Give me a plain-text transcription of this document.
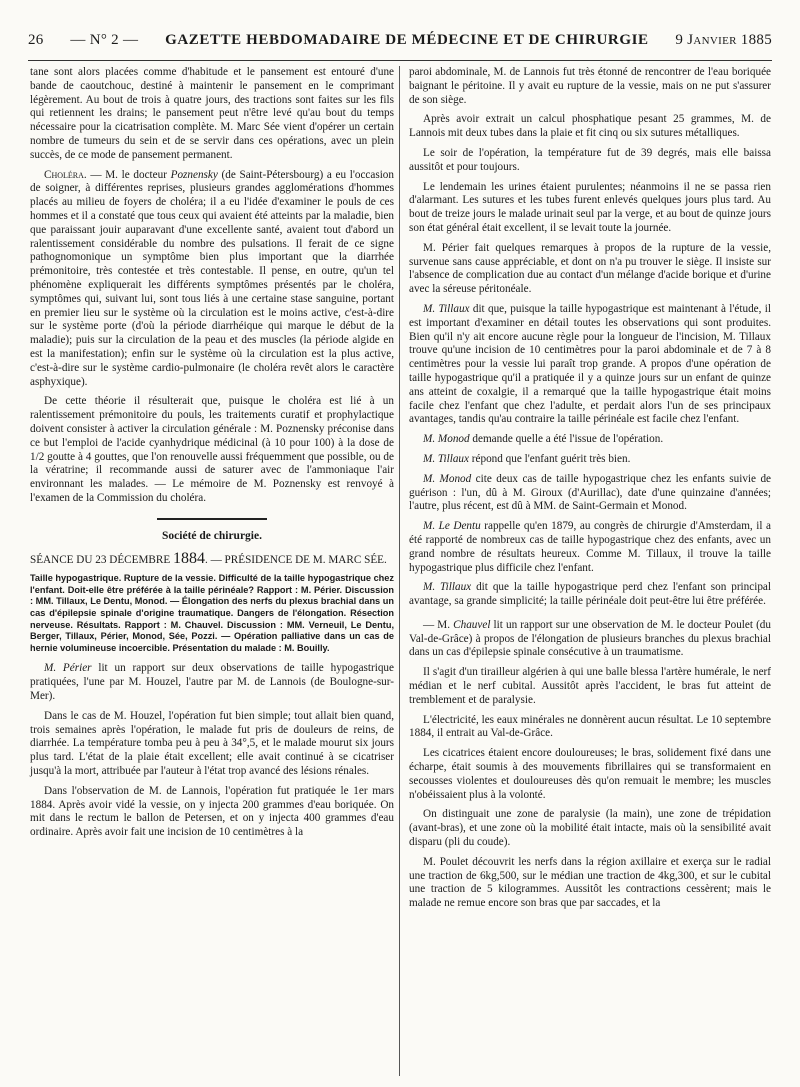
26 — N° 2 — GAZETTE HEBDOMADAIRE DE MÉDECINE ET DE CHIRURGIE 9 Janvier 1885

tane sont alors placées comme d'habitude et le pansement est entouré d'une bande de caoutchouc, destiné à maintenir le pansement en le comprimant légèrement. Au bout de trois à quatre jours, des tractions sont faites sur les fils qui retiennent les drains; le pansement peut n'être levé qu'au bout du temps nécessaire pour la cicatrisation complète. M. Marc Sée vient d'opérer un certain nombre de tumeurs du sein et de se servir dans ces opérations, avec un plein succès, de ce mode de pansement permanent.

Choléra. — M. le docteur Poznensky (de Saint-Pétersbourg) a eu l'occasion de soigner, à différentes reprises, plusieurs grandes agglomérations d'hommes placés au milieu de foyers de choléra; il a eu l'idée d'examiner le pouls de ces hommes et il a constaté que tous ceux qui avaient été atteints par la maladie, bien que paraissant jouir auparavant d'une excellente santé, avaient tout d'abord un ralentissement considérable du nombre des pulsations. Il ferait de ce signe pathognomonique un symptôme bien plus important que la diarrhée prémonitoire, très contestée et très contestable. Il pense, en outre, qu'un tel phénomène expliquerait les différents symptômes présentés par le choléra, symptômes qui, suivant lui, sont tous liés à une certaine stase sanguine, portant en premier lieu sur le système où la circulation est le moins active, c'est-à-dire sur le système porte (d'où la période diarrhéique qui marque le début de la maladie); puis sur la circulation de la peau et des muscles (la période algide en est la manifestation); enfin sur le système où la circulation est la plus active, c'est-à-dire sur le système cardio-pulmonaire (le choléra revêt alors le caractère asphyxique).

De cette théorie il résulterait que, puisque le choléra est lié à un ralentissement prémonitoire du pouls, les traitements curatif et prophylactique doivent consister à activer la circulation générale : M. Poznensky préconise dans ce but l'emploi de l'acide cyanhydrique médicinal (à 10 pour 100) à la dose de 1/2 goutte à 4 gouttes, que l'on renouvelle aussi fréquemment que possible, ou de la vératrine; il recommande aussi de saturer avec de l'ammoniaque l'air environnant les malades. — Le mémoire de M. Poznensky est renvoyé à l'examen de la Commission du choléra.

Société de chirurgie.
SÉANCE DU 23 DÉCEMBRE 1884. — PRÉSIDENCE DE M. MARC SÉE.

Taille hypogastrique. Rupture de la vessie. Difficulté de la taille hypogastrique chez l'enfant. Doit-elle être préférée à la taille périnéale? Rapport : M. Périer. Discussion : MM. Tillaux, Le Dentu, Monod. — Élongation des nerfs du plexus brachial dans un cas d'épilepsie spinale d'origine traumatique. Dangers de l'élongation. Résection nerveuse. Résultats. Rapport : M. Chauvel. Discussion : MM. Verneuil, Le Dentu, Berger, Tillaux, Périer, Monod, Sée, Pozzi. — Opération palliative dans un cas de hernie volumineuse incoercible. Présentation du malade : M. Bouilly.

M. Périer lit un rapport sur deux observations de taille hypogastrique pratiquées, l'une par M. Houzel, l'autre par M. de Lannois (de Boulogne-sur-Mer).

Dans le cas de M. Houzel, l'opération fut bien simple; tout allait bien quand, trois semaines après l'opération, le malade fut pris de douleurs de reins, de diarrhée. La température tomba peu à peu à 34°,5, et le malade mourut six jours plus tard. L'état de la plaie était excellent; elle avait continué à se cicatriser jusqu'à la mort, attribuée par l'auteur à l'état trop avancé des lésions rénales.

Dans l'observation de M. de Lannois, l'opération fut pratiquée le 1er mars 1884. Après avoir vidé la vessie, on y injecta 200 grammes d'eau boriquée. On mit dans le rectum le ballon de Petersen, et on y injecta 400 grammes d'eau ordinaire. Après avoir fait une incision de 10 centimètres à la

paroi abdominale, M. de Lannois fut très étonné de rencontrer de l'eau boriquée baignant le péritoine. Il y avait eu rupture de la vessie, mais on ne put s'assurer de son siège.

Après avoir extrait un calcul phosphatique pesant 25 grammes, M. de Lannois mit deux tubes dans la plaie et fit cinq ou six sutures métalliques.

Le soir de l'opération, la température fut de 39 degrés, mais elle baissa aussitôt et pour toujours.

Le lendemain les urines étaient purulentes; néanmoins il ne se passa rien d'alarmant. Les sutures et les tubes furent enlevés quelques jours plus tard. Au bout de treize jours le malade urinait seul par la verge, et au bout de quinze jours son état général était excellent, il se levait toute la journée.

M. Périer fait quelques remarques à propos de la rupture de la vessie, survenue sans cause appréciable, et dont on n'a pu trouver le siège. Il insiste sur l'absence de complication due au contact d'un mélange d'acide borique et d'urine avec la séreuse péritonéale.

M. Tillaux dit que, puisque la taille hypogastrique est maintenant à l'étude, il est important d'examiner en détail toutes les observations qui sont produites. Bien qu'il n'y ait encore aucune règle pour la longueur de l'incision, M. Tillaux trouve qu'une incision de 10 centimètres pour la paroi abdominale et de 7 à 8 centimètres pour la vessie lui paraît trop grande. A propos d'une opération de taille hypogastrique qu'il a pratiquée il y a quinze jours sur un enfant de quinze ans atteint de coxalgie, il a remarqué que la taille hypogastrique était moins facile chez l'enfant que chez l'adulte, et perdait alors l'un de ses principaux avantages, tandis qu'au contraire la taille périnéale est facile chez l'enfant.

M. Monod demande quelle a été l'issue de l'opération.

M. Tillaux répond que l'enfant guérit très bien.

M. Monod cite deux cas de taille hypogastrique chez les enfants suivie de guérison : l'un, dû à M. Giroux (d'Aurillac), date d'une quinzaine d'années; l'autre, plus récent, est dû à MM. de Saint-Germain et Monod.

M. Le Dentu rappelle qu'en 1879, au congrès de chirurgie d'Amsterdam, il a été rapporté de nombreux cas de taille hypogastrique chez des enfants, avec un grand nombre de résultats heureux. Comme M. Tillaux, il trouve la taille hypogastrique plus difficile chez l'enfant.

M. Tillaux dit que la taille hypogastrique perd chez l'enfant son principal avantage, sa grande simplicité; la taille périnéale doit peut-être lui être préférée.

— M. Chauvel lit un rapport sur une observation de M. le docteur Poulet (du Val-de-Grâce) à propos de l'élongation de plusieurs branches du plexus brachial dans un cas d'épilepsie spinale consécutive à un traumatisme.

Il s'agit d'un tirailleur algérien à qui une balle blessa l'artère humérale, le nerf médian et le nerf cubital. Aussitôt après l'accident, le bras fut atteint de tremblement et de paralysie.

L'électricité, les eaux minérales ne donnèrent aucun résultat. Le 10 septembre 1884, il entrait au Val-de-Grâce.

Les cicatrices étaient encore douloureuses; le bras, solidement fixé dans une écharpe, était soumis à des mouvements fibrillaires qui se transformaient en secousses violentes et douloureuses dès qu'on remuait le membre; les muscles n'obéissaient plus à la volonté.

On distinguait une zone de paralysie (la main), une zone de trépidation (avant-bras), et une zone où la mobilité était intacte, mais où la sensibilité avait disparu (pli du coude).

M. Poulet découvrit les nerfs dans la région axillaire et exerça sur le radial une traction de 6kg,500, sur le médian une traction de 4kg,300, et sur le cubital une traction de 5 kilogrammes. Aussitôt les contractions cessèrent; mais le malade ne remue encore son bras que par saccades, et la
